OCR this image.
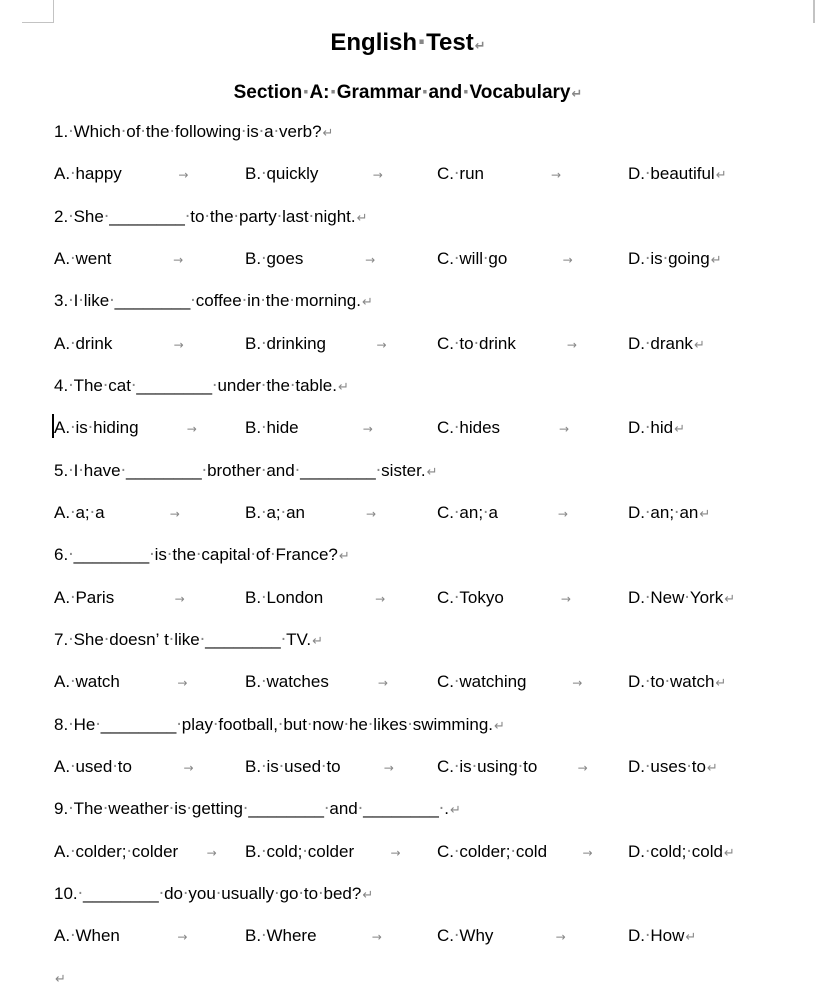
English·Test↵
Section·A:·Grammar·and·Vocabulary↵
↵
1.·Which·of·the·following·is·a·verb?↵
A.·happy	→	B.·quickly	→	C.·run	→	D.·beautiful ↵
2.·She·________·to·the·party·last·night.↵
A.·went	→	B.·goes	→	C.·will·go	→	D.·is·going ↵
3.·I·like·________·coffee·in·the·morning.↵
A.·drink	→	B.·drinking	→	C.·to·drink	→	D.·drank ↵
4.·The·cat·________·under·the·table.↵
A.·is·hiding	→	B.·hide	→	C.·hides	→	D.·hid ↵
5.·I·have·________·brother·and·________·sister.↵
A.·a;·a	→	B.·a;·an	→	C.·an;·a	→	D.·an;·an ↵
6.·________·is·the·capital·of·France?↵
A.·Paris	→	B.·London	→	C.·Tokyo	→	D.·New·York ↵
7.·She·doesn’ t·like·________·TV.↵
A.·watch	→	B.·watches	→	C.·watching	→	D.·to·watch ↵
8.·He·________·play·football,·but·now·he·likes·swimming.↵
A.·used·to	→	B.·is·used·to	→	C.·is·using·to	→ D.·uses·to ↵
9.·The·weather·is·getting·________·and·________·.↵
A.·colder;·colder → B.·cold;·colder	→ C.·colder;·cold	→ D.·cold;·cold ↵
10.·________·do·you·usually·go·to·bed?↵
A.·When	→	B.·Where	→	C.·Why	→	D.·How ↵
